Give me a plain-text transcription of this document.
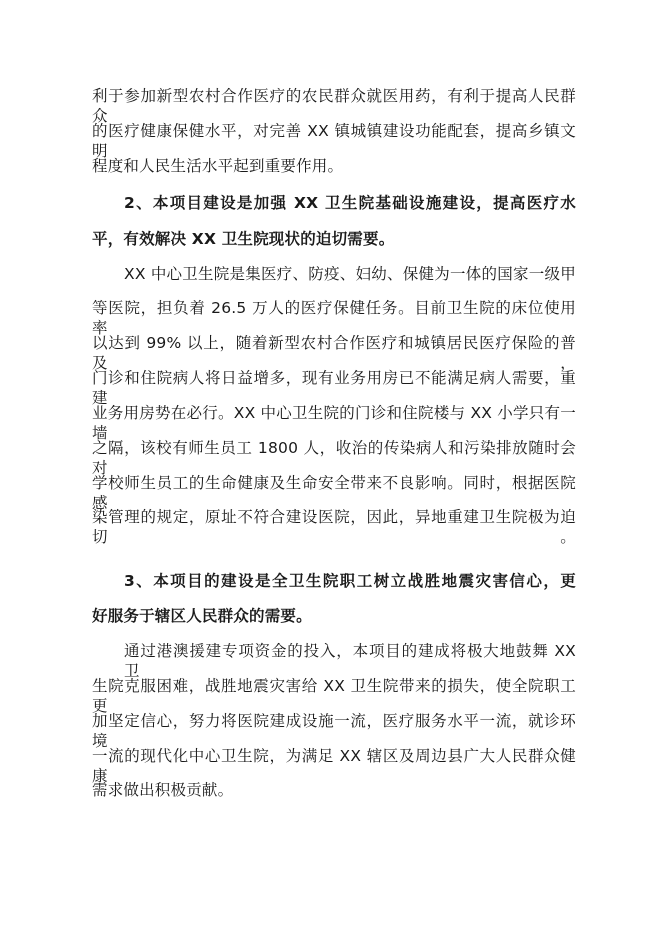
利于参加新型农村合作医疗的农民群众就医用药，有利于提高人民群众
的医疗健康保健水平，对完善 XX 镇城镇建设功能配套，提高乡镇文明
程度和人民生活水平起到重要作用。
2、本项目建设是加强 XX 卫生院基础设施建设，提高医疗水
平，有效解决 XX 卫生院现状的迫切需要。
XX 中心卫生院是集医疗、防疫、妇幼、保健为一体的国家一级甲
等医院，担负着 26.5 万人的医疗保健任务。目前卫生院的床位使用率
以达到 99% 以上，随着新型农村合作医疗和城镇居民医疗保险的普及，
门诊和住院病人将日益增多，现有业务用房已不能满足病人需要，重建
业务用房势在必行。XX 中心卫生院的门诊和住院楼与 XX 小学只有一墙
之隔，该校有师生员工 1800 人，收治的传染病人和污染排放随时会对
学校师生员工的生命健康及生命安全带来不良影响。同时，根据医院感
染管理的规定，原址不符合建设医院，因此，异地重建卫生院极为迫切。
3、本项目的建设是全卫生院职工树立战胜地震灾害信心，更
好服务于辖区人民群众的需要。
通过港澳援建专项资金的投入，本项目的建成将极大地鼓舞 XX 卫
生院克服困难，战胜地震灾害给 XX 卫生院带来的损失，使全院职工更
加坚定信心，努力将医院建成设施一流，医疗服务水平一流，就诊环境
一流的现代化中心卫生院，为满足 XX 辖区及周边县广大人民群众健康
需求做出积极贡献。
